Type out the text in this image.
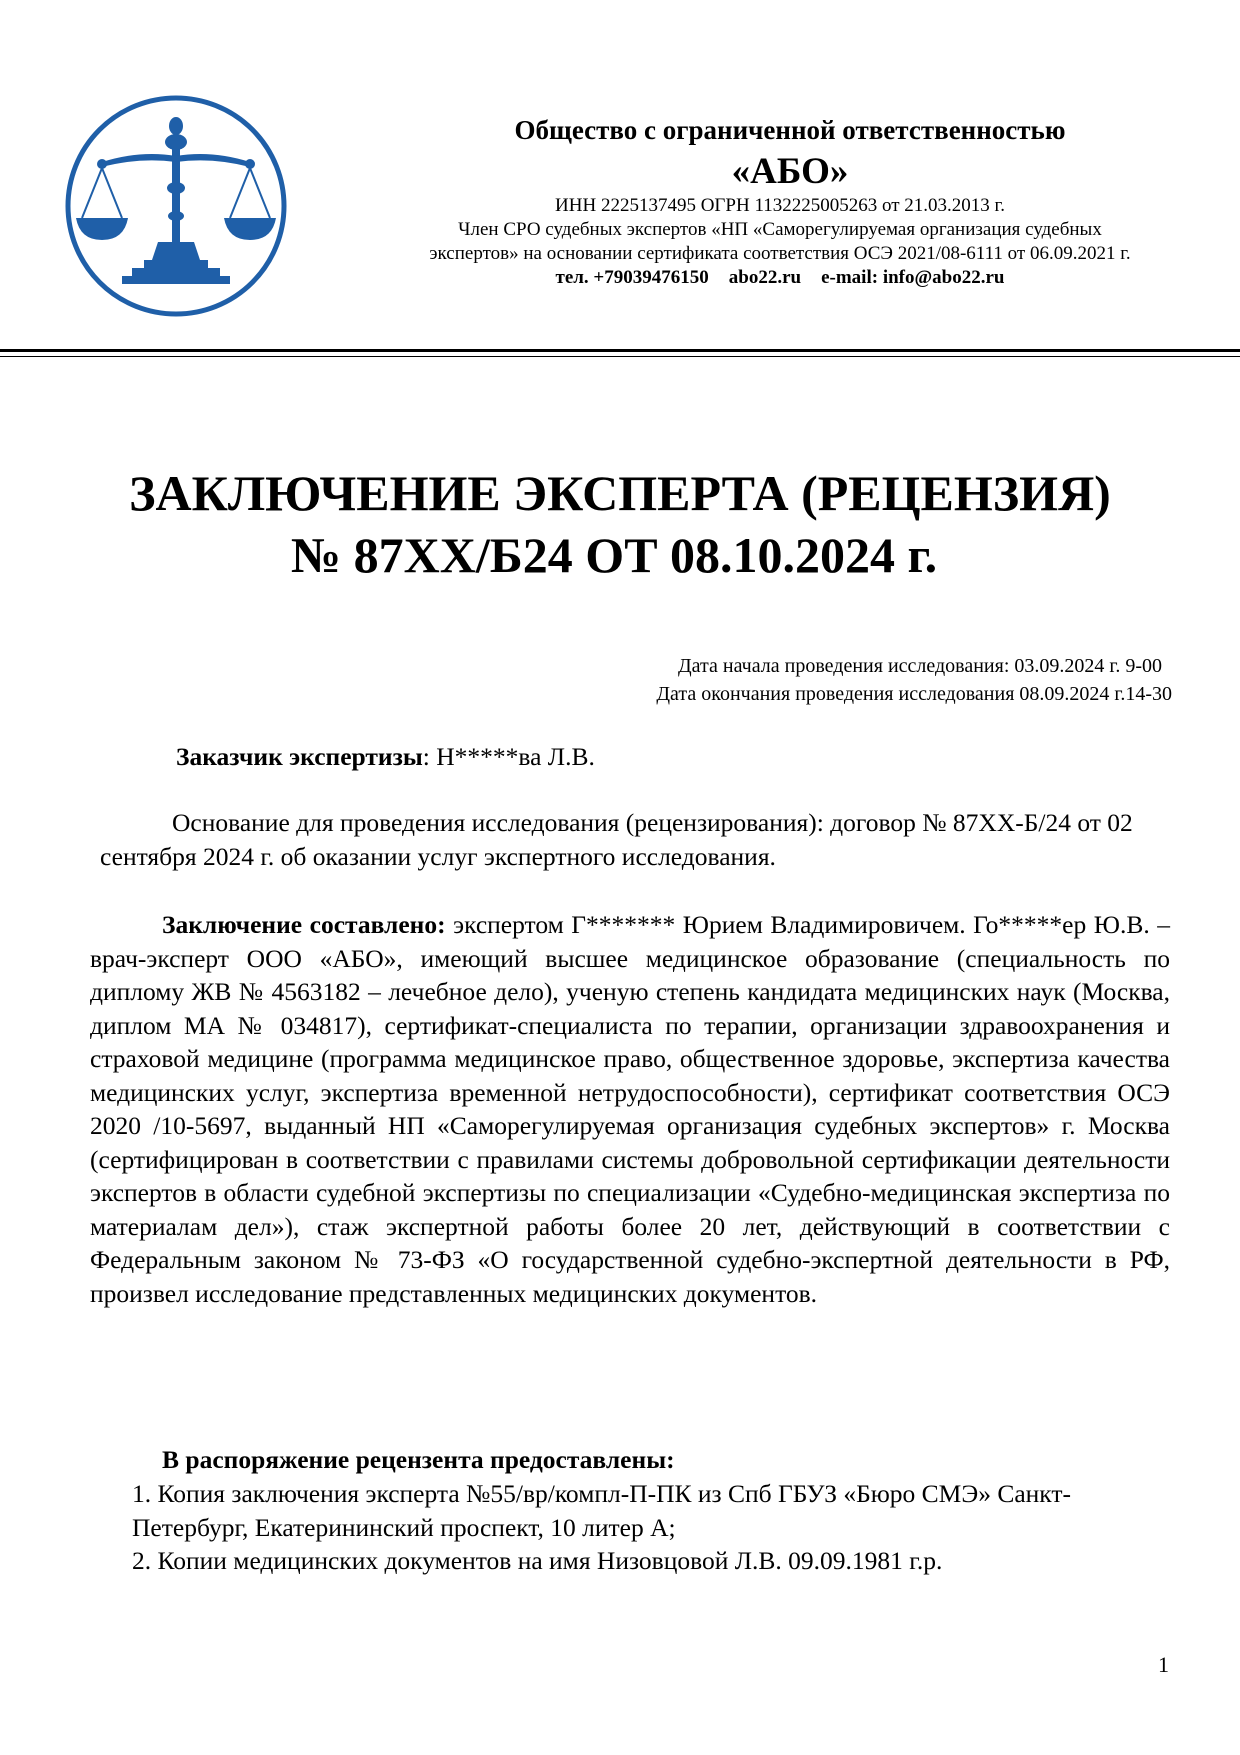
Общество с ограниченной ответственностью
«АБО»
ИНН 2225137495 ОГРН 1132225005263 от 21.03.2013 г.
Член СРО судебных экспертов «НП «Саморегулируемая организация судебных
экспертов» на основании сертификата соответствия ОСЭ 2021/08-6111 от 06.09.2021 г.
тел. +79039476150 abo22.ru e-mail: info@abo22.ru
ЗАКЛЮЧЕНИЕ ЭКСПЕРТА (РЕЦЕНЗИЯ)
№ 87ХХ/Б24 ОТ 08.10.2024 г.
Дата начала проведения исследования: 03.09.2024 г. 9-00
Дата окончания проведения исследования 08.09.2024 г.14-30
Заказчик экспертизы: Н*****ва Л.В.
Основание для проведения исследования (рецензирования): договор № 87ХХ-Б/24 от 02 сентября 2024 г. об оказании услуг экспертного исследования.
Заключение составлено: экспертом Г******* Юрием Владимировичем. Го*****ер Ю.В. – врач-эксперт ООО «АБО», имеющий высшее медицинское образование (специальность по диплому ЖВ № 4563182 – лечебное дело), ученую степень кандидата медицинских наук (Москва, диплом МА № 034817), сертификат-специалиста по терапии, организации здравоохранения и страховой медицине (программа медицинское право, общественное здоровье, экспертиза качества медицинских услуг, экспертиза временной нетрудоспособности), сертификат соответствия ОСЭ 2020 /10-5697, выданный НП «Саморегулируемая организация судебных экспертов» г. Москва (сертифицирован в соответствии с правилами системы добровольной сертификации деятельности экспертов в области судебной экспертизы по специализации «Судебно-медицинская экспертиза по материалам дел»), стаж экспертной работы более 20 лет, действующий в соответствии с Федеральным законом № 73-ФЗ «О государственной судебно-экспертной деятельности в РФ, произвел исследование представленных медицинских документов.
В распоряжение рецензента предоставлены:
1. Копия заключения эксперта №55/вр/компл-П-ПК из Спб ГБУЗ «Бюро СМЭ» Санкт-Петербург, Екатерининский проспект, 10 литер А;
2. Копии медицинских документов на имя Низовцовой Л.В. 09.09.1981 г.р.
1
